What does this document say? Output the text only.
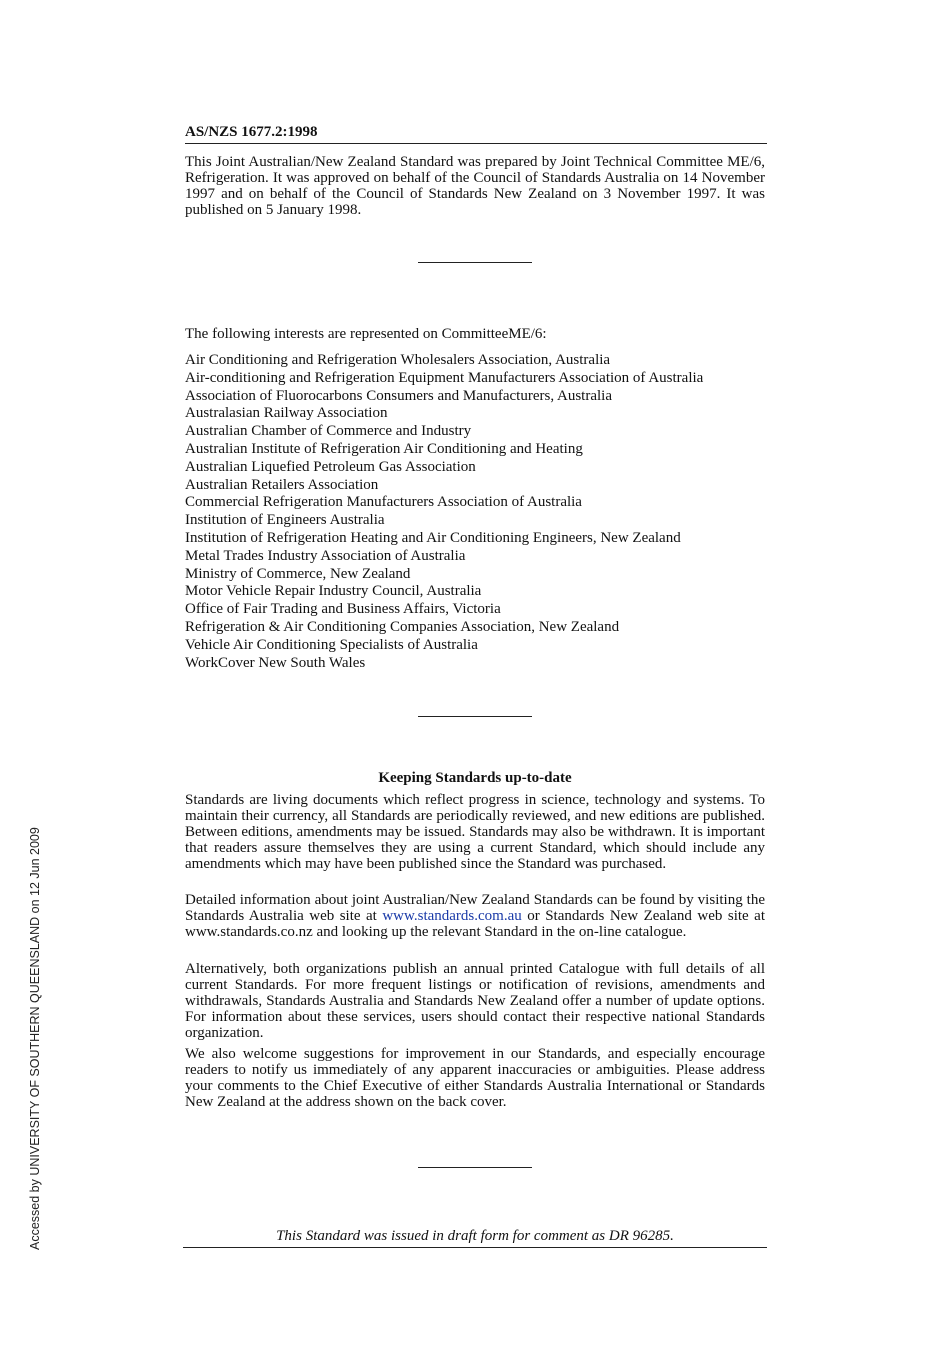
AS/NZS 1677.2:1998

This Joint Australian/New Zealand Standard was prepared by Joint Technical Committee ME/6, Refrigeration. It was approved on behalf of the Council of Standards Australia on 14 November 1997 and on behalf of the Council of Standards New Zealand on 3 November 1997. It was published on 5 January 1998.

The following interests are represented on CommitteeME/6:
Air Conditioning and Refrigeration Wholesalers Association, Australia
Air-conditioning and Refrigeration Equipment Manufacturers Association of Australia
Association of Fluorocarbons Consumers and Manufacturers, Australia
Australasian Railway Association
Australian Chamber of Commerce and Industry
Australian Institute of Refrigeration Air Conditioning and Heating
Australian Liquefied Petroleum Gas Association
Australian Retailers Association
Commercial Refrigeration Manufacturers Association of Australia
Institution of Engineers Australia
Institution of Refrigeration Heating and Air Conditioning Engineers, New Zealand
Metal Trades Industry Association of Australia
Ministry of Commerce, New Zealand
Motor Vehicle Repair Industry Council, Australia
Office of Fair Trading and Business Affairs, Victoria
Refrigeration & Air Conditioning Companies Association, New Zealand
Vehicle Air Conditioning Specialists of Australia
WorkCover New South Wales
Keeping Standards up-to-date

Standards are living documents which reflect progress in science, technology and systems. To maintain their currency, all Standards are periodically reviewed, and new editions are published. Between editions, amendments may be issued. Standards may also be withdrawn. It is important that readers assure themselves they are using a current Standard, which should include any amendments which may have been published since the Standard was purchased.

Detailed information about joint Australian/New Zealand Standards can be found by visiting the Standards Australia web site at www.standards.com.au or Standards New Zealand web site at www.standards.co.nz and looking up the relevant Standard in the on-line catalogue.

Alternatively, both organizations publish an annual printed Catalogue with full details of all current Standards. For more frequent listings or notification of revisions, amendments and withdrawals, Standards Australia and Standards New Zealand offer a number of update options. For information about these services, users should contact their respective national Standards organization.

We also welcome suggestions for improvement in our Standards, and especially encourage readers to notify us immediately of any apparent inaccuracies or ambiguities. Please address your comments to the Chief Executive of either Standards Australia International or Standards New Zealand at the address shown on the back cover.

This Standard was issued in draft form for comment as DR 96285.
Accessed by UNIVERSITY OF SOUTHERN QUEENSLAND on 12 Jun 2009
